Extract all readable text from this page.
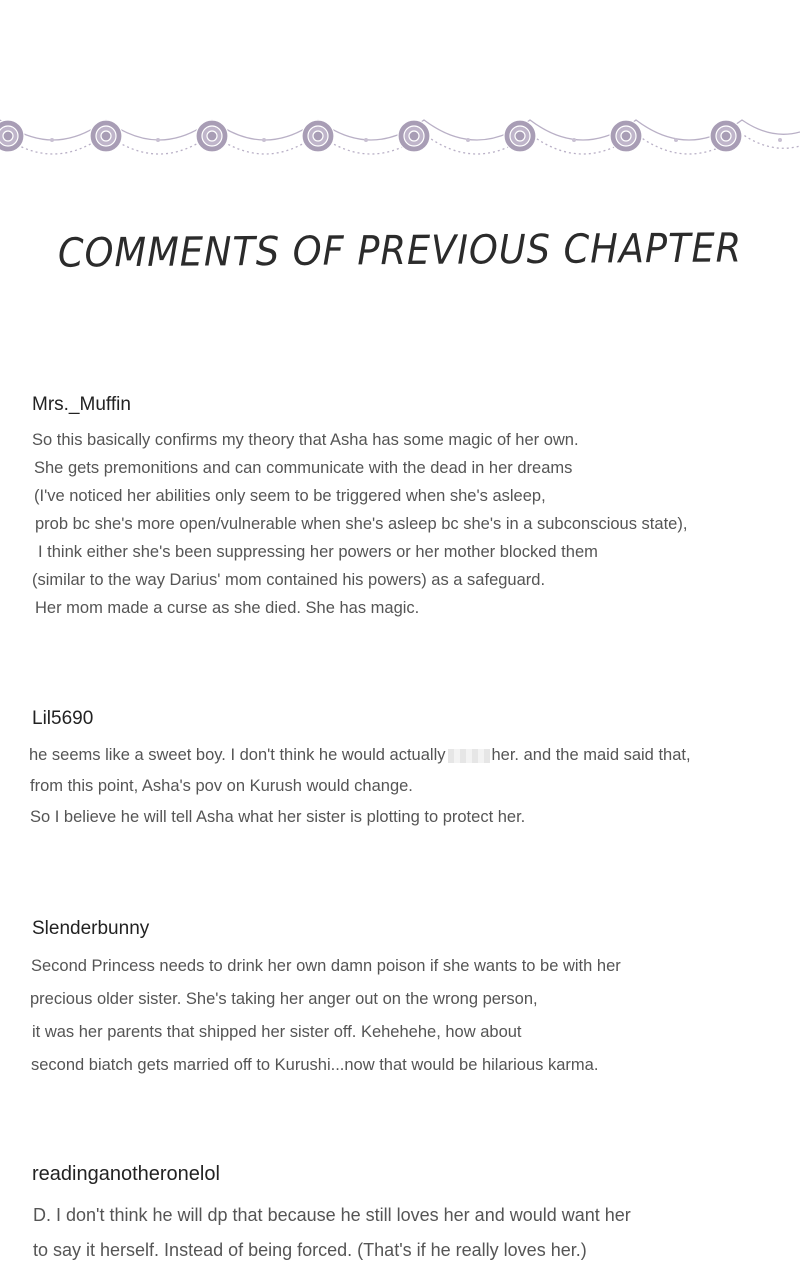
COMMENTS OF PREVIOUS CHAPTER
Mrs._Muffin

So this basically confirms my theory that Asha has some magic of her own.

She gets premonitions and can communicate with the dead in her dreams

(I've noticed her abilities only seem to be triggered when she's asleep,

prob bc she's more open/vulnerable when she's asleep bc she's in a subconscious state),

I think either she's been suppressing her powers or her mother blocked them

(similar to the way Darius' mom contained his powers) as a safeguard.

Her mom made a curse as she died. She has magic.

Lil5690

he seems like a sweet boy. I don't think he would actually	her. and the maid said that,

from this point, Asha's pov on Kurush would change.

So I believe he will tell Asha what her sister is plotting to protect her.

Slenderbunny

Second Princess needs to drink her own damn poison if she wants to be with her

precious older sister. She's taking her anger out on the wrong person,

it was her parents that shipped her sister off. Kehehehe, how about

second biatch gets married off to Kurushi...now that would be hilarious karma.

readinganotheronelol

D. I don't think he will dp that because he still loves her and would want her

to say it herself. Instead of being forced. (That's if he really loves her.)
